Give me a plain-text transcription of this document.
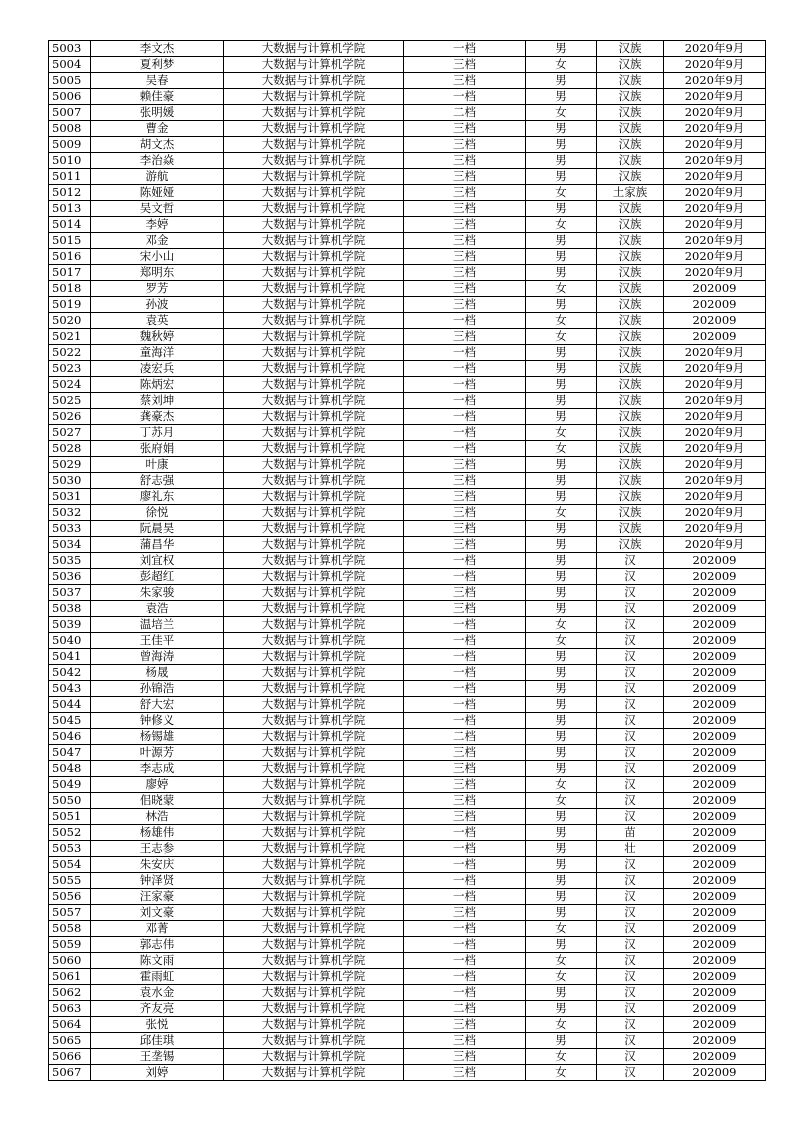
5003	李文杰	大数据与计算机学院	一档	男	汉族	2020年9月
5004	夏利梦	大数据与计算机学院	三档	女	汉族	2020年9月
5005	吴春	大数据与计算机学院	三档	男	汉族	2020年9月
5006	赖佳豪	大数据与计算机学院	一档	男	汉族	2020年9月
5007	张明媛	大数据与计算机学院	二档	女	汉族	2020年9月
5008	曹金	大数据与计算机学院	三档	男	汉族	2020年9月
5009	胡文杰	大数据与计算机学院	三档	男	汉族	2020年9月
5010	李治焱	大数据与计算机学院	三档	男	汉族	2020年9月
5011	游航	大数据与计算机学院	三档	男	汉族	2020年9月
5012	陈娅娅	大数据与计算机学院	三档	女	土家族	2020年9月
5013	吴文哲	大数据与计算机学院	三档	男	汉族	2020年9月
5014	李婷	大数据与计算机学院	三档	女	汉族	2020年9月
5015	邓金	大数据与计算机学院	三档	男	汉族	2020年9月
5016	宋小山	大数据与计算机学院	三档	男	汉族	2020年9月
5017	郑明东	大数据与计算机学院	三档	男	汉族	2020年9月
5018	罗芳	大数据与计算机学院	三档	女	汉族	202009
5019	孙波	大数据与计算机学院	三档	男	汉族	202009
5020	袁英	大数据与计算机学院	一档	女	汉族	202009
5021	魏秋婷	大数据与计算机学院	三档	女	汉族	202009
5022	童海洋	大数据与计算机学院	一档	男	汉族	2020年9月
5023	凌宏兵	大数据与计算机学院	一档	男	汉族	2020年9月
5024	陈炳宏	大数据与计算机学院	一档	男	汉族	2020年9月
5025	蔡刘坤	大数据与计算机学院	一档	男	汉族	2020年9月
5026	龚豪杰	大数据与计算机学院	一档	男	汉族	2020年9月
5027	丁苏月	大数据与计算机学院	一档	女	汉族	2020年9月
5028	张府娟	大数据与计算机学院	一档	女	汉族	2020年9月
5029	叶康	大数据与计算机学院	三档	男	汉族	2020年9月
5030	舒志强	大数据与计算机学院	三档	男	汉族	2020年9月
5031	廖礼东	大数据与计算机学院	三档	男	汉族	2020年9月
5032	徐悦	大数据与计算机学院	三档	女	汉族	2020年9月
5033	阮晨昊	大数据与计算机学院	三档	男	汉族	2020年9月
5034	蒲昌华	大数据与计算机学院	三档	男	汉族	2020年9月
5035	刘宜权	大数据与计算机学院	一档	男	汉	202009
5036	彭超红	大数据与计算机学院	一档	男	汉	202009
5037	朱家骏	大数据与计算机学院	三档	男	汉	202009
5038	袁浩	大数据与计算机学院	三档	男	汉	202009
5039	温培兰	大数据与计算机学院	一档	女	汉	202009
5040	王佳平	大数据与计算机学院	一档	女	汉	202009
5041	曾海涛	大数据与计算机学院	一档	男	汉	202009
5042	杨晟	大数据与计算机学院	一档	男	汉	202009
5043	孙锦浩	大数据与计算机学院	一档	男	汉	202009
5044	舒大宏	大数据与计算机学院	一档	男	汉	202009
5045	钟修义	大数据与计算机学院	一档	男	汉	202009
5046	杨锡雄	大数据与计算机学院	二档	男	汉	202009
5047	叶源芳	大数据与计算机学院	三档	男	汉	202009
5048	李志成	大数据与计算机学院	三档	男	汉	202009
5049	廖婷	大数据与计算机学院	三档	女	汉	202009
5050	佀晓蒙	大数据与计算机学院	三档	女	汉	202009
5051	林浩	大数据与计算机学院	三档	男	汉	202009
5052	杨雄伟	大数据与计算机学院	一档	男	苗	202009
5053	王志参	大数据与计算机学院	一档	男	壮	202009
5054	朱安庆	大数据与计算机学院	一档	男	汉	202009
5055	钟泽贤	大数据与计算机学院	一档	男	汉	202009
5056	汪家豪	大数据与计算机学院	一档	男	汉	202009
5057	刘文豪	大数据与计算机学院	三档	男	汉	202009
5058	邓菁	大数据与计算机学院	一档	女	汉	202009
5059	郭志伟	大数据与计算机学院	一档	男	汉	202009
5060	陈文雨	大数据与计算机学院	一档	女	汉	202009
5061	霍雨虹	大数据与计算机学院	一档	女	汉	202009
5062	袁水金	大数据与计算机学院	一档	男	汉	202009
5063	齐友亮	大数据与计算机学院	二档	男	汉	202009
5064	张悦	大数据与计算机学院	三档	女	汉	202009
5065	邱佳琪	大数据与计算机学院	三档	男	汉	202009
5066	王垄锡	大数据与计算机学院	三档	女	汉	202009
5067	刘婷	大数据与计算机学院	三档	女	汉	202009
